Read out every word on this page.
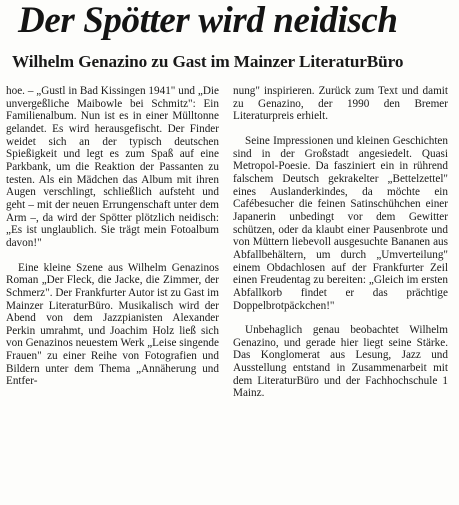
Der Spötter wird neidisch
Wilhelm Genazino zu Gast im Mainzer LiteraturBüro

hoe. – „Gustl in Bad Kissingen 1941" und „Die unvergeßliche Maibowle bei Schmitz": Ein Familienalbum. Nun ist es in einer Mülltonne gelandet. Es wird herausgefischt. Der Finder weidet sich an der typisch deutschen Spießigkeit und legt es zum Spaß auf eine Parkbank, um die Reaktion der Passanten zu testen. Als ein Mädchen das Album mit ihren Augen verschlingt, schließlich aufsteht und geht – mit der neuen Errungenschaft unter dem Arm –, da wird der Spötter plötzlich neidisch: „Es ist unglaublich. Sie trägt mein Fotoalbum davon!"

Eine kleine Szene aus Wilhelm Genazinos Roman „Der Fleck, die Jacke, die Zimmer, der Schmerz". Der Frankfurter Autor ist zu Gast im Mainzer LiteraturBüro. Musikalisch wird der Abend von dem Jazzpianisten Alexander Perkin umrahmt, und Joachim Holz ließ sich von Genazinos neuestem Werk „Leise singende Frauen" zu einer Reihe von Fotografien und Bildern unter dem Thema „Annäherung und Entfer-

nung" inspirieren. Zurück zum Text und damit zu Genazino, der 1990 den Bremer Literaturpreis erhielt.

Seine Impressionen und kleinen Geschichten sind in der Großstadt angesiedelt. Quasi Metropol-Poesie. Da fasziniert ein in rührend falschem Deutsch gekrakelter „Bettelzettel" eines Auslanderkindes, da möchte ein Cafébesucher die feinen Satinschühchen einer Japanerin unbedingt vor dem Gewitter schützen, oder da klaubt einer Pausenbrote und von Müttern liebevoll ausgesuchte Bananen aus Abfallbehältern, um durch „Umverteilung" einem Obdachlosen auf der Frankfurter Zeil einen Freudentag zu bereiten: „Gleich im ersten Abfallkorb findet er das prächtige Doppelbrotpäckchen!"

Unbehaglich genau beobachtet Wilhelm Genazino, und gerade hier liegt seine Stärke. Das Konglomerat aus Lesung, Jazz und Ausstellung entstand in Zusammenarbeit mit dem LiteraturBüro und der Fachhochschule 1 Mainz.
